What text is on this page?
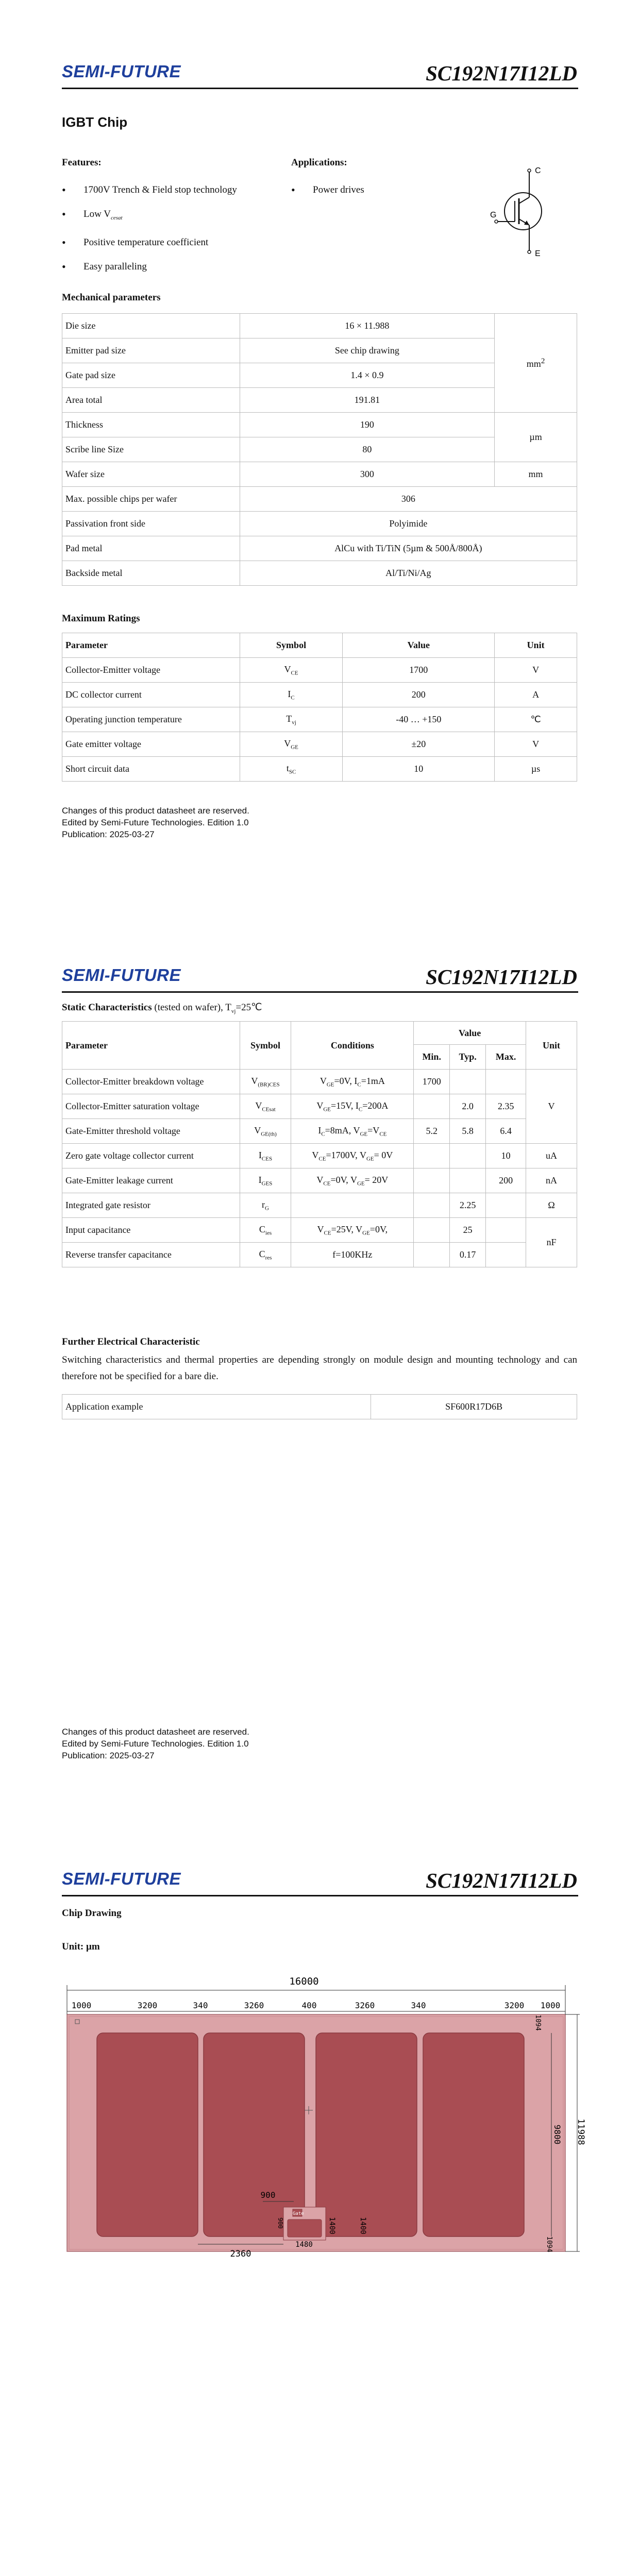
SEMI-FUTURE	SC192N17I12LD
IGBT Chip
Features:
• 1700V Trench & Field stop technology
• Low $V_{cesat}$
• Positive temperature coefficient
• Easy paralleling
Applications:
• Power drives
C
E
G
Mechanical parameters
Die size	16 × 11.988	$mm^2$
Emitter pad size	See chip drawing	
Gate pad size	1.4 × 0.9	
Area total	191.81	
Thickness	190	µm
Scribe line Size	80	
Wafer size	300	mm
Max. possible chips per wafer	306	
Passivation front side	Polyimide	
Pad metal	AlCu with Ti/TiN (5µm & 500Å/800Å)	
Backside metal	Al/Ti/Ni/Ag	
Maximum Ratings
Parameter	Symbol	Value	Unit
Collector-Emitter voltage	$V_{CE}$	1700	V
DC collector current	$I_C$	200	A
Operating junction temperature	$T_{vj}$	-40 … +150	℃
Gate emitter voltage	$V_{GE}$	±20	V
Short circuit data	$t_{SC}$	10	µs
Changes of this product datasheet are reserved.
Edited by Semi-Future Technologies. Edition 1.0
Publication: 2025-03-27
SEMI-FUTURE	SC192N17I12LD
Static Characteristics (tested on wafer), $T_{vj}=25℃$
Parameter	Symbol	Conditions	Value			Unit
			Min.	Typ.	Max.	
Collector-Emitter breakdown voltage	$V_{(BR)CES}$	$V_{GE}=0V$, $I_C=1mA$	1700			V
Collector-Emitter saturation voltage	$V_{CEsat}$	$V_{GE}=15V$, $I_C=200A$		2.0	2.35	
Gate-Emitter threshold voltage	$V_{GE(th)}$	$I_C=8mA$, $V_{GE}=V_{CE}$	5.2	5.8	6.4	
Zero gate voltage collector current	$I_{CES}$	$V_{CE}=1700V$, $V_{GE}= 0V$			10	uA
Gate-Emitter leakage current	$I_{GES}$	$V_{CE}=0V$, $V_{GE}= 20V$			200	nA
Integrated gate resistor	$r_G$			2.25		Ω
Input capacitance	$C_{ies}$	$V_{CE}=25V$, $V_{GE}=0V$,		25		nF
Reverse transfer capacitance	$C_{res}$	f=100KHz		0.17		
Further Electrical Characteristic
Switching characteristics and thermal properties are depending strongly on module design and mounting technology and can therefore not be specified for a bare die.
Application example	SF600R17D6B
Changes of this product datasheet are reserved.
Edited by Semi-Future Technologies. Edition 1.0
Publication: 2025-03-27
SEMI-FUTURE	SC192N17I12LD
Chip Drawing
Unit: µm
Gate
16000
1000	3200	340	3260	400	3260	340	3200 1000
11988
9800
1094
1094
900
900	1400	1400
1480
2360
